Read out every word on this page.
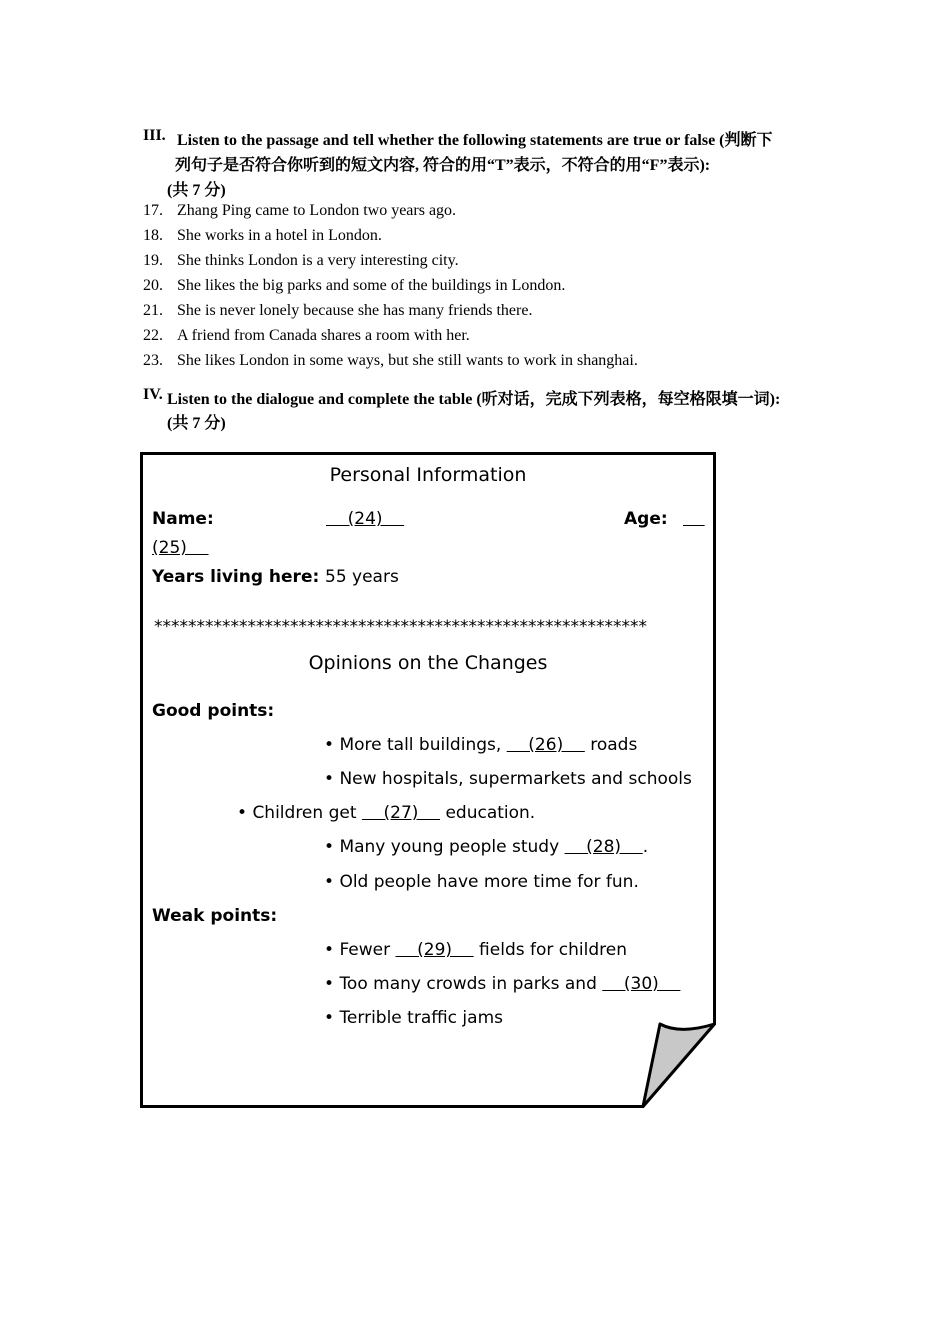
III. Listen to the passage and tell whether the following statements are true or false (判断下
列句子是否符合你听到的短文内容, 符合的用“T”表示，不符合的用“F”表示):
(共 7 分)
17. Zhang Ping came to London two years ago.
18. She works in a hotel in London.
19. She thinks London is a very interesting city.
20. She likes the big parks and some of the buildings in London.
21. She is never lonely because she has many friends there.
22. A friend from Canada shares a room with her.
23. She likes London in some ways, but she still wants to work in shanghai.
IV. Listen to the dialogue and complete the table (听对话，完成下列表格，每空格限填一词):
(共 7 分)
Personal Information
Name:	(24)	Age:

(25)
Years living here: 55 years
**********************************************************
Opinions on the Changes
Good points:
• More tall buildings,     (26)     roads
• New hospitals, supermarkets and schools
• Children get     (27)     education.
• Many young people study     (28)    .
• Old people have more time for fun.
Weak points:
• Fewer     (29)     fields for children
• Too many crowds in parks and     (30)
• Terrible traffic jams
